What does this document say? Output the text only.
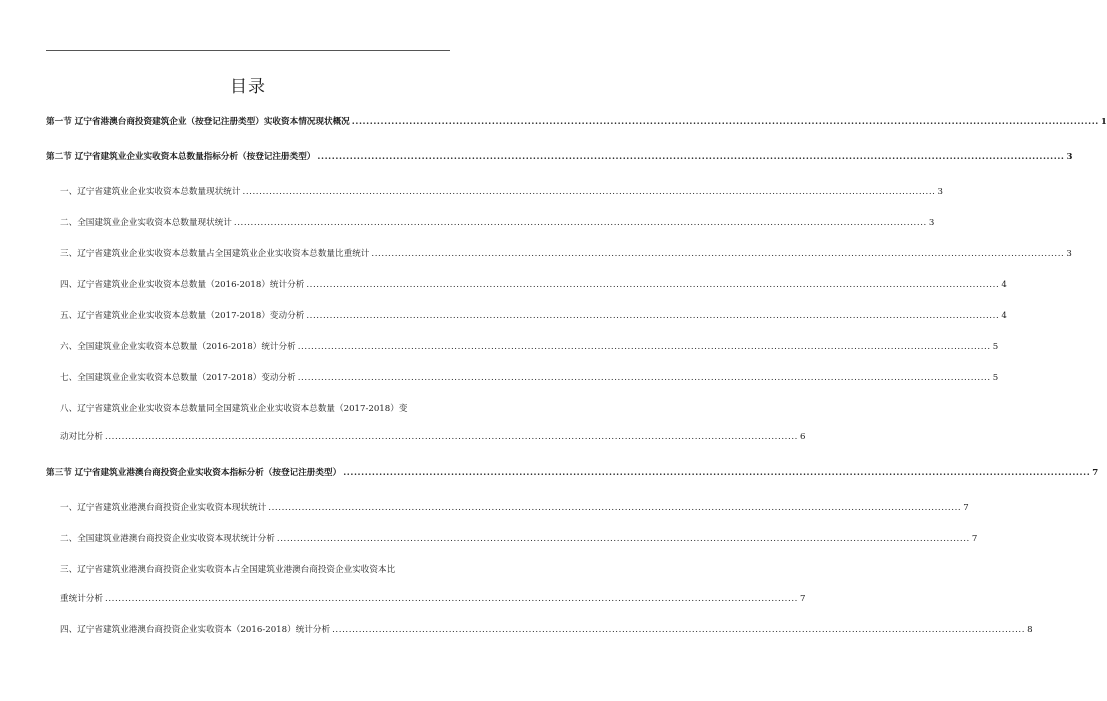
目录
第一节 辽宁省港澳台商投资建筑企业（按登记注册类型）实收资本情况现状概况 .....	1
第二节 辽宁省建筑业企业实收资本总数量指标分析（按登记注册类型） .....	3
一、辽宁省建筑业企业实收资本总数量现状统计 .....	3
二、全国建筑业企业实收资本总数量现状统计 .....	3
三、辽宁省建筑业企业实收资本总数量占全国建筑业企业实收资本总数量比重统计 .....	3
四、辽宁省建筑业企业实收资本总数量（2016-2018）统计分析 .....	4
五、辽宁省建筑业企业实收资本总数量（2017-2018）变动分析 .....	4
六、全国建筑业企业实收资本总数量（2016-2018）统计分析 .....	5
七、全国建筑业企业实收资本总数量（2017-2018）变动分析 .....	5
八、辽宁省建筑业企业实收资本总数量同全国建筑业企业实收资本总数量（2017-2018）变
动对比分析 .....	6
第三节 辽宁省建筑业港澳台商投资企业实收资本指标分析（按登记注册类型） .....	7
一、辽宁省建筑业港澳台商投资企业实收资本现状统计 .....	7
二、全国建筑业港澳台商投资企业实收资本现状统计分析 .....	7
三、辽宁省建筑业港澳台商投资企业实收资本占全国建筑业港澳台商投资企业实收资本比
重统计分析 .....	7
四、辽宁省建筑业港澳台商投资企业实收资本（2016-2018）统计分析 .....	8
